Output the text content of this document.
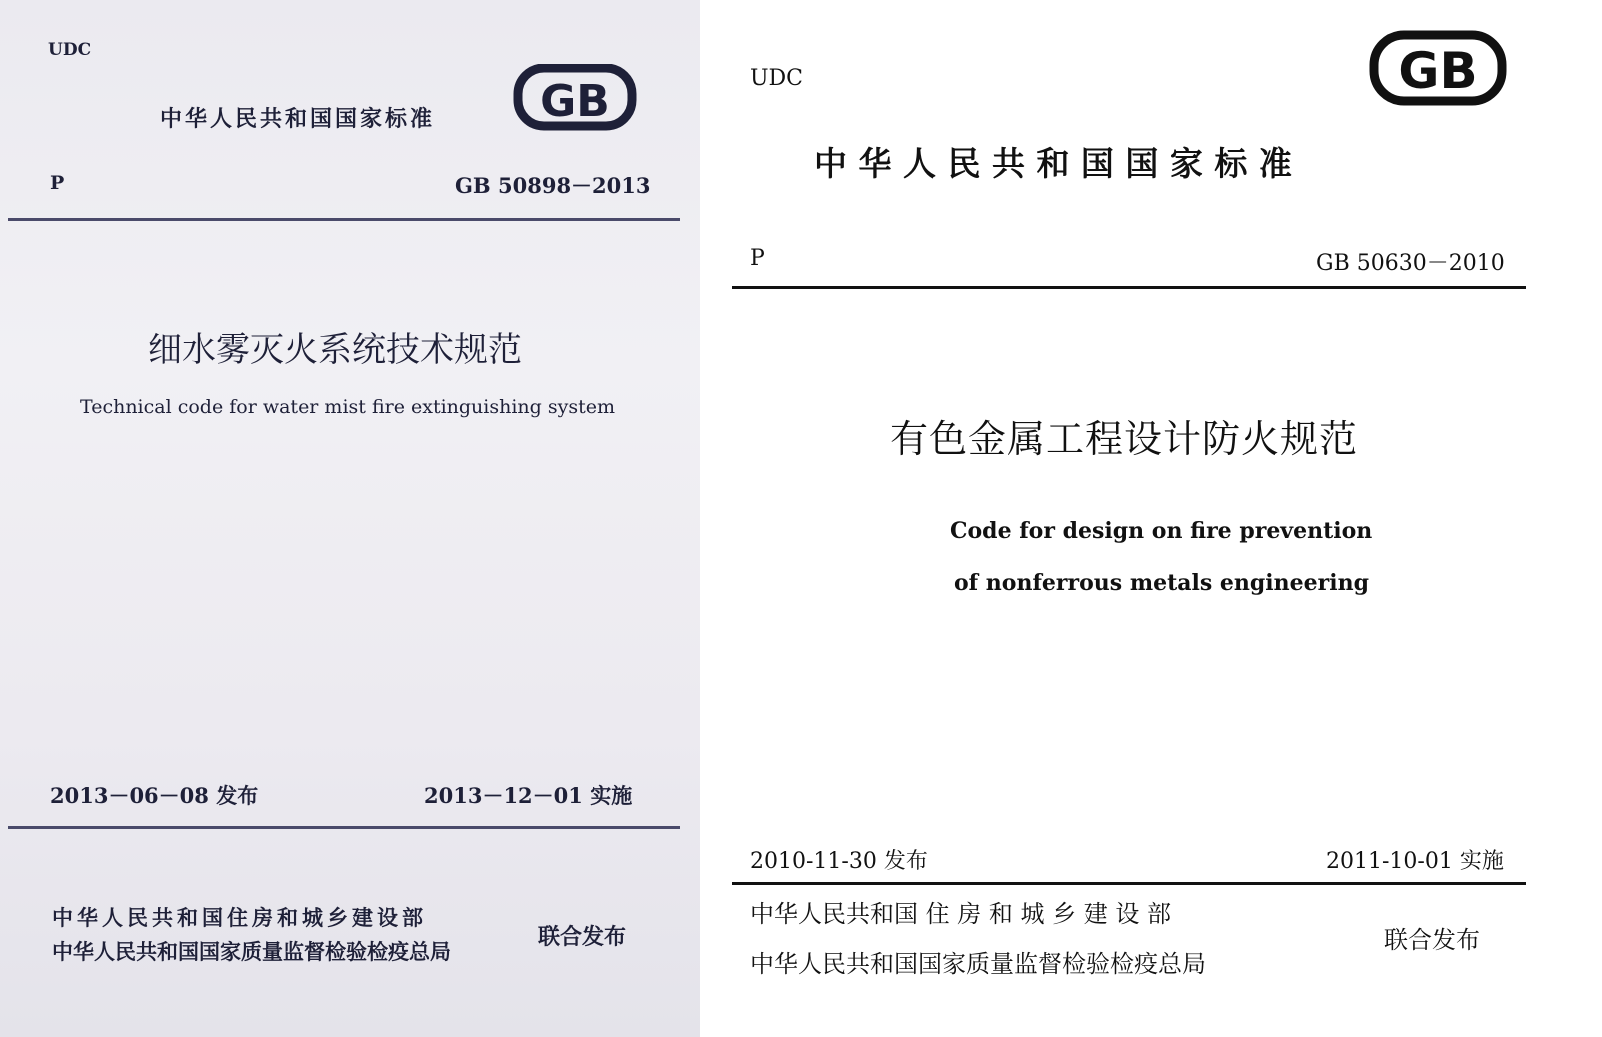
UDC
GB
中华人民共和国国家标准
P	GB 50898－2013
细水雾灭火系统技术规范
Technical code for water mist fire extinguishing system
2013－06－08 发布	2013－12－01 实施
中华人民共和国住房和城乡建设部
中华人民共和国国家质量监督检验检疫总局
联合发布
UDC	GB
中 华 人 民 共 和 国 国 家 标 准
P	GB 50630－2010
有色金属工程设计防火规范
Code for design on fire prevention
of nonferrous metals engineering
2010-11-30 发布	2011-10-01 实施
中华人民共和国 住 房 和 城 乡 建 设 部
中华人民共和国国家质量监督检验检疫总局
联合发布
